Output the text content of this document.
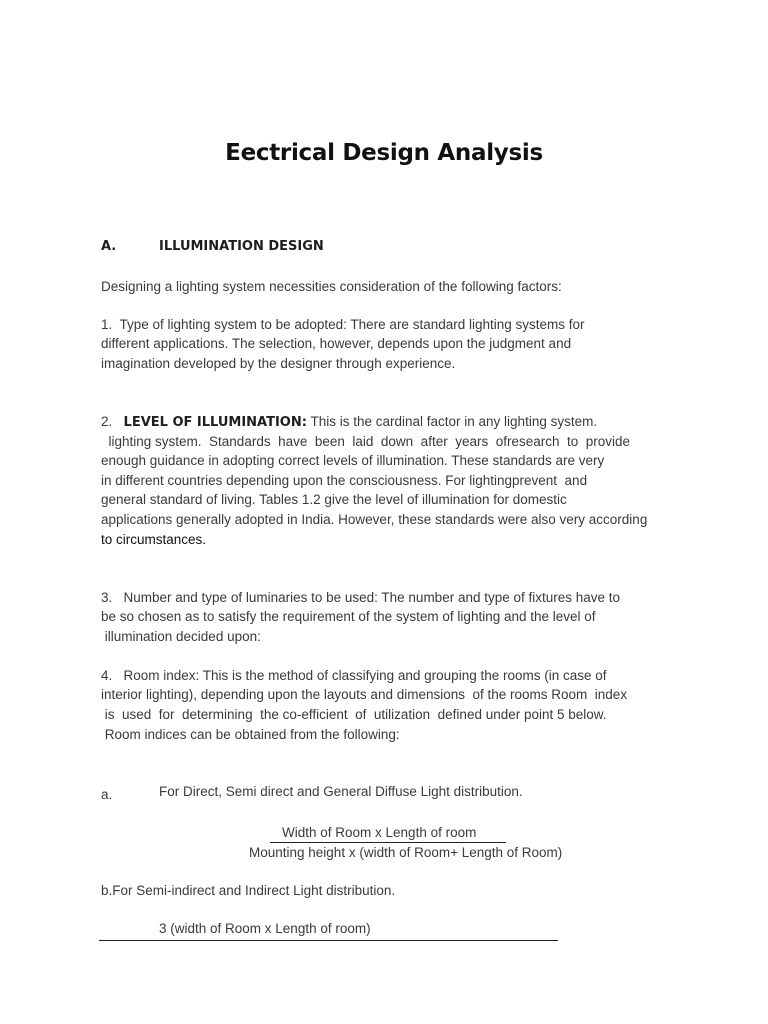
Eectrical Design Analysis
A.	ILLUMINATION DESIGN
Designing a lighting system necessities consideration of the following factors:
1.  Type of lighting system to be adopted: There are standard lighting systems for
different applications. The selection, however, depends upon the judgment and
imagination developed by the designer through experience.
2. LEVEL OF ILLUMINATION: This is the cardinal factor in any lighting system.
lighting system.  Standards  have  been  laid  down  after  years  ofresearch  to  provide
enough guidance in adopting correct levels of illumination. These standards are very
in different countries depending upon the consciousness. For lightingprevent  and
general standard of living. Tables 1.2 give the level of illumination for domestic
applications generally adopted in India. However, these standards were also very according
to circumstances.
3.   Number and type of luminaries to be used: The number and type of fixtures have to
be so chosen as to satisfy the requirement of the system of lighting and the level of
illumination decided upon:
4.   Room index: This is the method of classifying and grouping the rooms (in case of
interior lighting), depending upon the layouts and dimensions  of the rooms Room  index
is  used  for  determining  the co-efficient  of  utilization  defined under point 5 below.
Room indices can be obtained from the following:
a.	For Direct, Semi direct and General Diffuse Light distribution.
Width of Room x Length of room
Mounting height x (width of Room+ Length of Room)
b.For Semi-indirect and Indirect Light distribution.
3 (width of Room x Length of room)
